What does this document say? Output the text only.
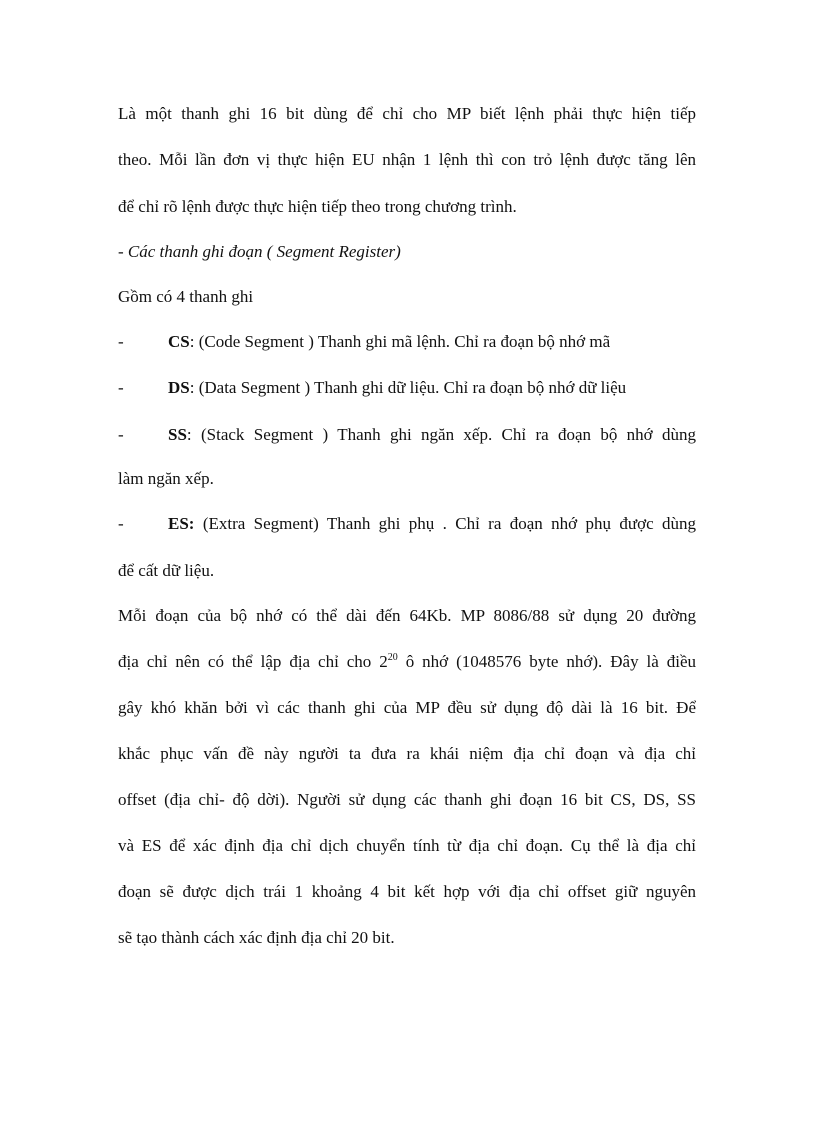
Là một thanh ghi 16 bit dùng để chỉ cho MP biết lệnh phải thực hiện tiếp
theo. Mỗi lần đơn vị thực hiện EU nhận 1 lệnh thì con trỏ lệnh được tăng lên
để chỉ rõ lệnh được thực hiện tiếp theo trong chương trình.
- Các thanh ghi đoạn ( Segment Register)
Gồm có 4 thanh ghi
-	CS: (Code Segment ) Thanh ghi mã lệnh. Chỉ ra đoạn bộ nhớ mã
-	DS: (Data Segment ) Thanh ghi dữ liệu. Chỉ ra đoạn bộ nhớ dữ liệu
-	SS: (Stack Segment ) Thanh ghi ngăn xếp. Chỉ ra đoạn bộ nhớ dùng
làm ngăn xếp.
-	ES: (Extra Segment) Thanh ghi phụ . Chỉ ra đoạn nhớ phụ được dùng
để cất dữ liệu.
Mỗi đoạn của bộ nhớ có thể dài đến 64Kb. MP 8086/88 sử dụng 20 đường
địa chỉ nên có thể lập địa chỉ cho $2^{20}$ ô nhớ (1048576 byte nhớ). Đây là điều
gây khó khăn bởi vì các thanh ghi của MP đều sử dụng độ dài là 16 bit. Để
khắc phục vấn đề này người ta đưa ra khái niệm địa chỉ đoạn và địa chỉ
offset (địa chỉ- độ dời). Người sử dụng các thanh ghi đoạn 16 bit CS, DS, SS
và ES để xác định địa chỉ dịch chuyển tính từ địa chỉ đoạn. Cụ thể là địa chỉ
đoạn sẽ được dịch trái 1 khoảng 4 bit kết hợp với địa chỉ offset giữ nguyên
sẽ tạo thành cách xác định địa chỉ 20 bit.
